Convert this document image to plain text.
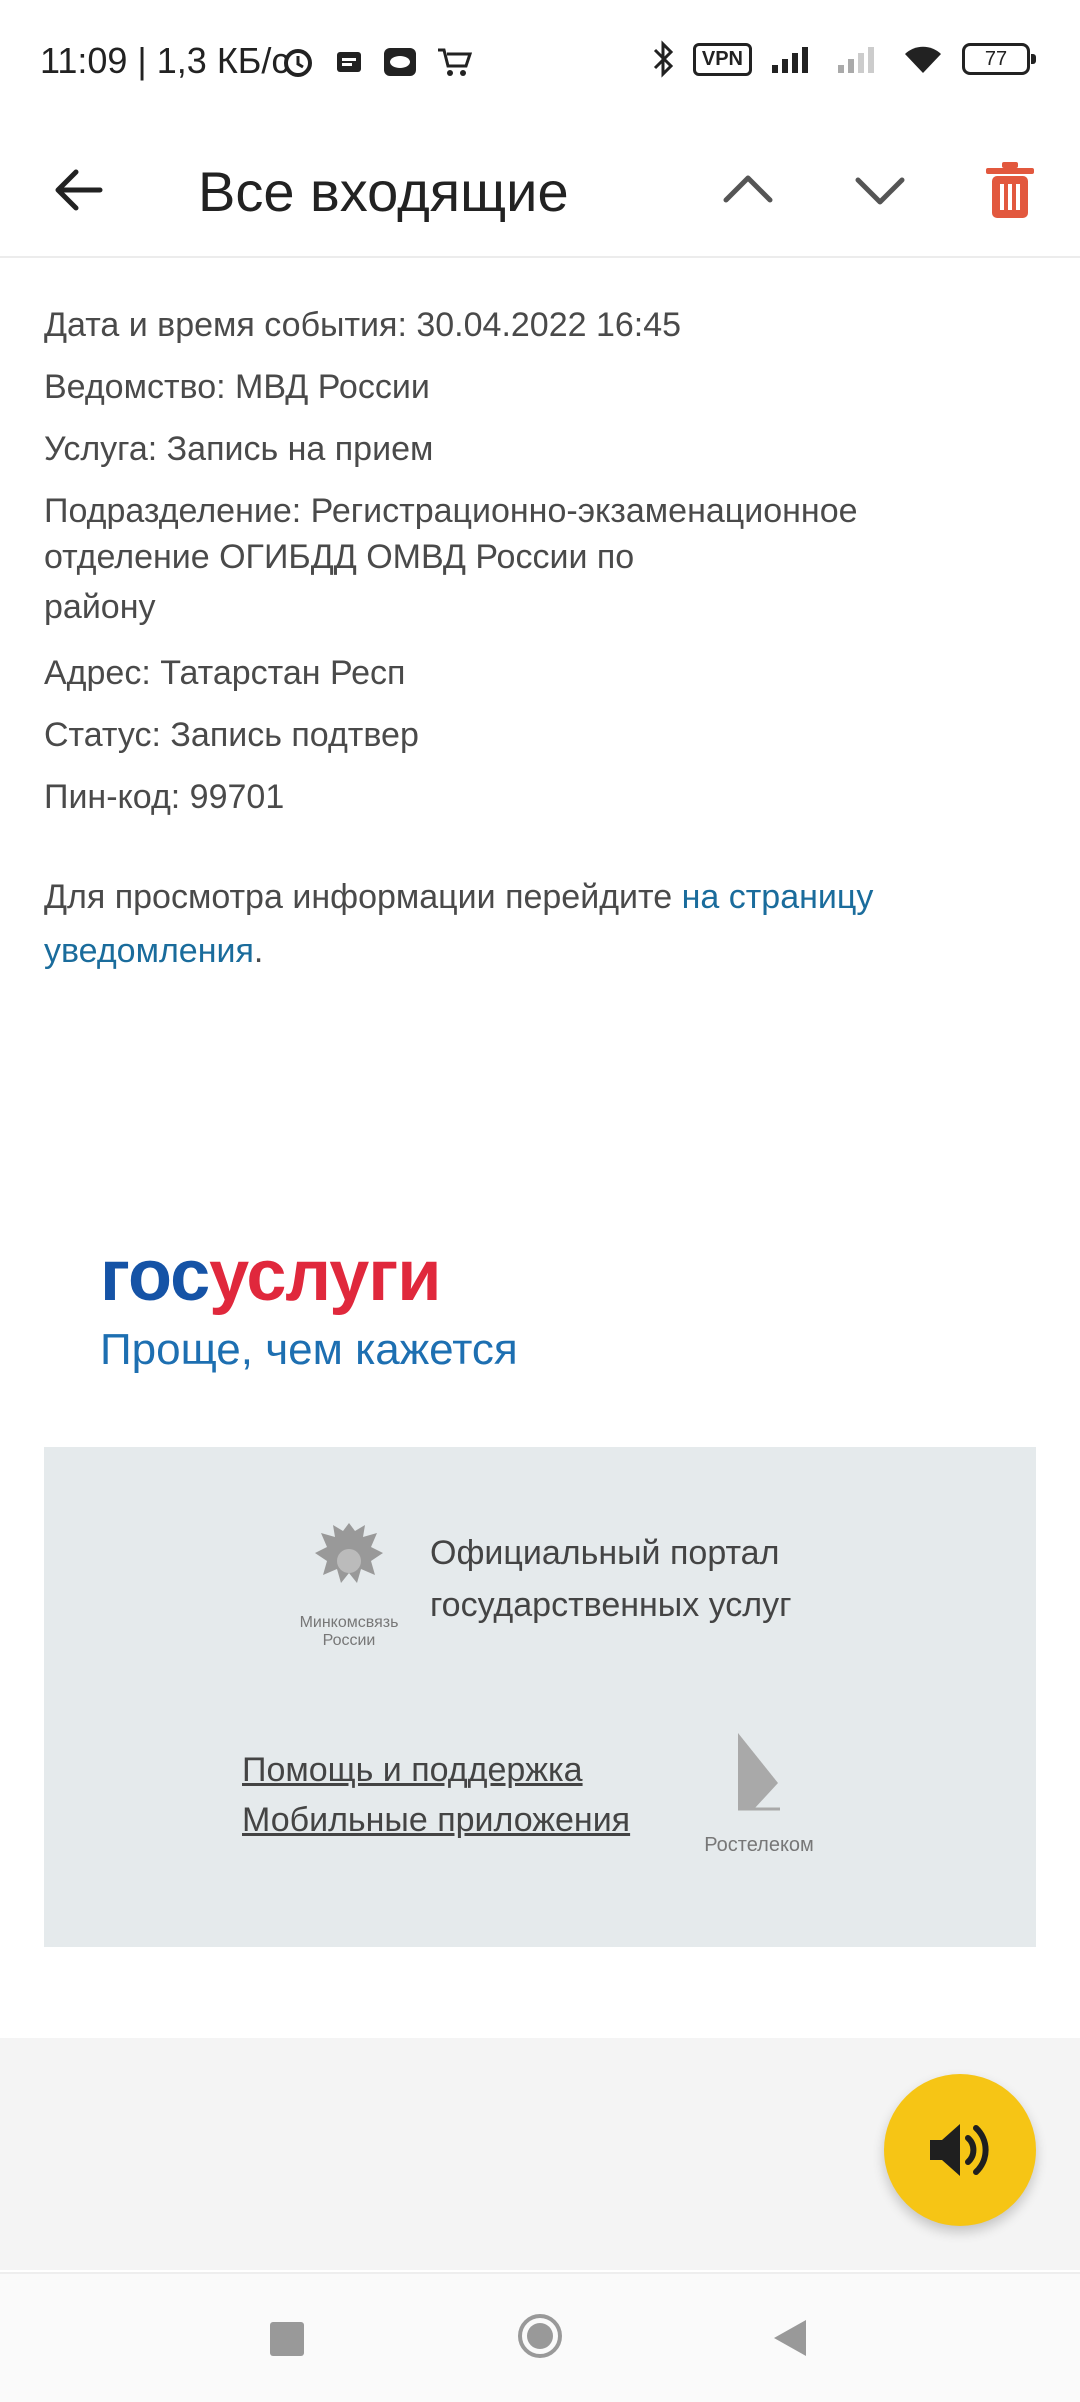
11:09 | 1,3 КБ/с	VPN	77
Все входящие
Дата и время события: 30.04.2022 16:45
Ведомство: МВД России
Услуга: Запись на прием
Подразделение: Регистрационно-экзаменационное
отделение ОГИБДД ОМВД России по
району
Адрес: Татарстан Респ
Статус: Запись подтвер
Пин-код: 99701
Для просмотра информации перейдите на страницу уведомления.
госуслуги
Проще, чем кажется
Минкомсвязь
России
Официальный портал
государственных услуг
Помощь и поддержка
Мобильные приложения
Ростелеком
